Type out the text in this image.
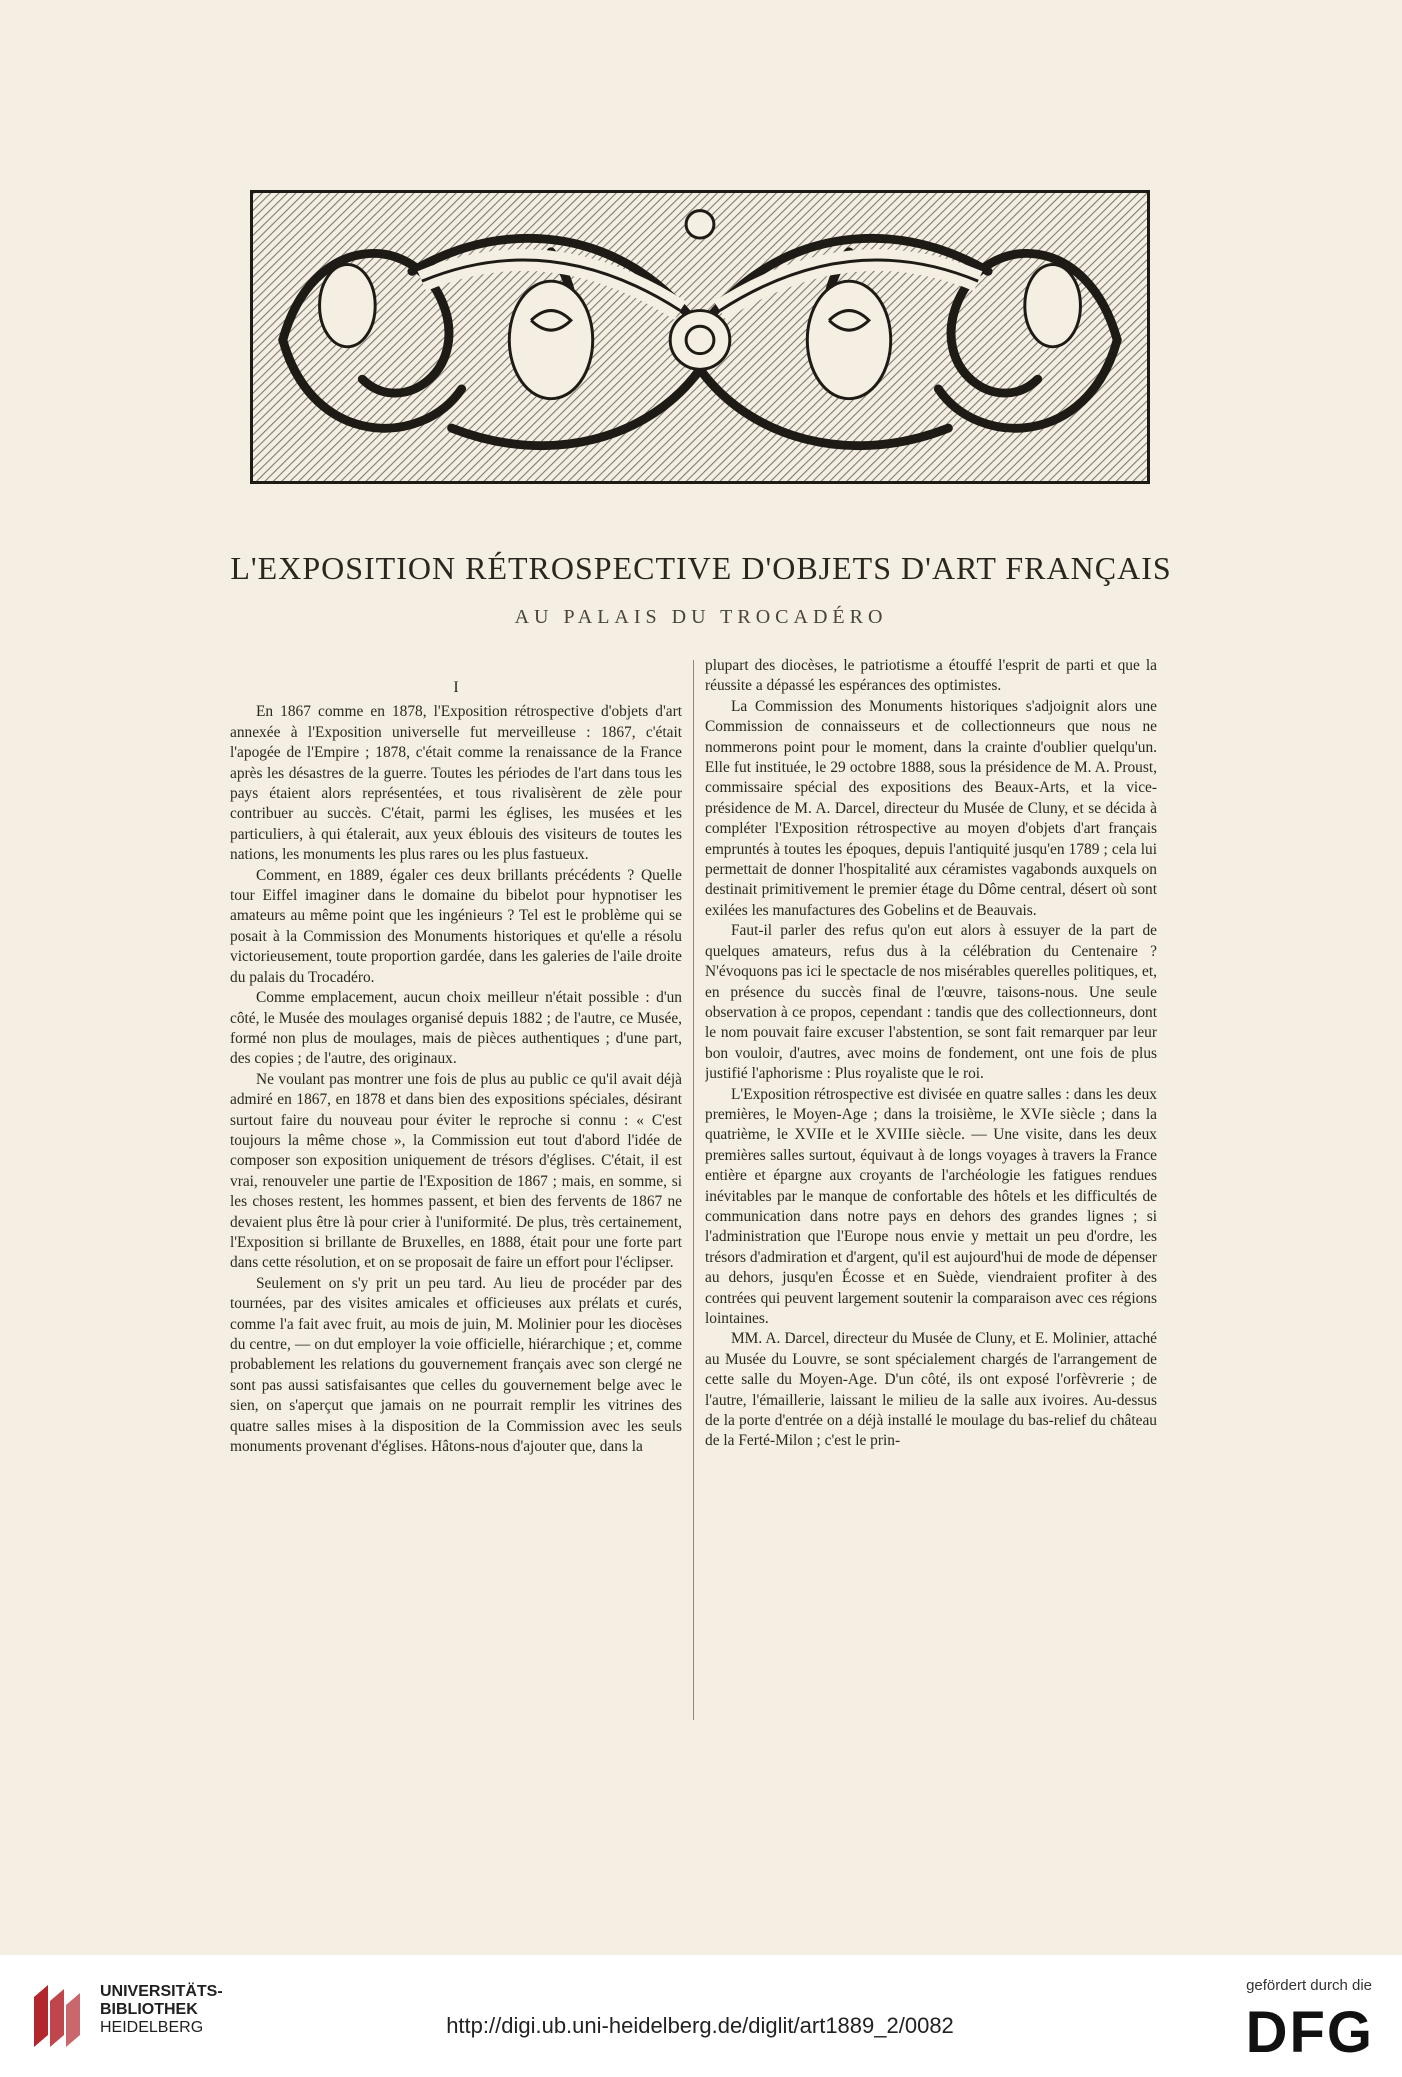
L'EXPOSITION RÉTROSPECTIVE D'OBJETS D'ART FRANÇAIS
AU PALAIS DU TROCADÉRO
I

En 1867 comme en 1878, l'Exposition rétrospective d'objets d'art annexée à l'Exposition universelle fut merveilleuse : 1867, c'était l'apogée de l'Empire ; 1878, c'était comme la renaissance de la France après les désastres de la guerre. Toutes les périodes de l'art dans tous les pays étaient alors représentées, et tous rivalisèrent de zèle pour contribuer au succès. C'était, parmi les églises, les musées et les particuliers, à qui étalerait, aux yeux éblouis des visiteurs de toutes les nations, les monuments les plus rares ou les plus fastueux.

Comment, en 1889, égaler ces deux brillants précédents ? Quelle tour Eiffel imaginer dans le domaine du bibelot pour hypnotiser les amateurs au même point que les ingénieurs ? Tel est le problème qui se posait à la Commission des Monuments historiques et qu'elle a résolu victorieusement, toute proportion gardée, dans les galeries de l'aile droite du palais du Trocadéro.

Comme emplacement, aucun choix meilleur n'était possible : d'un côté, le Musée des moulages organisé depuis 1882 ; de l'autre, ce Musée, formé non plus de moulages, mais de pièces authentiques ; d'une part, des copies ; de l'autre, des originaux.

Ne voulant pas montrer une fois de plus au public ce qu'il avait déjà admiré en 1867, en 1878 et dans bien des expositions spéciales, désirant surtout faire du nouveau pour éviter le reproche si connu : « C'est toujours la même chose », la Commission eut tout d'abord l'idée de composer son exposition uniquement de trésors d'églises. C'était, il est vrai, renouveler une partie de l'Exposition de 1867 ; mais, en somme, si les choses restent, les hommes passent, et bien des fervents de 1867 ne devaient plus être là pour crier à l'uniformité. De plus, très certainement, l'Exposition si brillante de Bruxelles, en 1888, était pour une forte part dans cette résolution, et on se proposait de faire un effort pour l'éclipser.

Seulement on s'y prit un peu tard. Au lieu de procéder par des tournées, par des visites amicales et officieuses aux prélats et curés, comme l'a fait avec fruit, au mois de juin, M. Molinier pour les diocèses du centre, — on dut employer la voie officielle, hiérarchique ; et, comme probablement les relations du gouvernement français avec son clergé ne sont pas aussi satisfaisantes que celles du gouvernement belge avec le sien, on s'aperçut que jamais on ne pourrait remplir les vitrines des quatre salles mises à la disposition de la Commission avec les seuls monuments provenant d'églises. Hâtons-nous d'ajouter que, dans la

plupart des diocèses, le patriotisme a étouffé l'esprit de parti et que la réussite a dépassé les espérances des optimistes.

La Commission des Monuments historiques s'adjoignit alors une Commission de connaisseurs et de collectionneurs que nous ne nommerons point pour le moment, dans la crainte d'oublier quelqu'un. Elle fut instituée, le 29 octobre 1888, sous la présidence de M. A. Proust, commissaire spécial des expositions des Beaux-Arts, et la vice-présidence de M. A. Darcel, directeur du Musée de Cluny, et se décida à compléter l'Exposition rétrospective au moyen d'objets d'art français empruntés à toutes les époques, depuis l'antiquité jusqu'en 1789 ; cela lui permettait de donner l'hospitalité aux céramistes vagabonds auxquels on destinait primitivement le premier étage du Dôme central, désert où sont exilées les manufactures des Gobelins et de Beauvais.

Faut-il parler des refus qu'on eut alors à essuyer de la part de quelques amateurs, refus dus à la célébration du Centenaire ? N'évoquons pas ici le spectacle de nos misérables querelles politiques, et, en présence du succès final de l'œuvre, taisons-nous. Une seule observation à ce propos, cependant : tandis que des collectionneurs, dont le nom pouvait faire excuser l'abstention, se sont fait remarquer par leur bon vouloir, d'autres, avec moins de fondement, ont une fois de plus justifié l'aphorisme : Plus royaliste que le roi.

L'Exposition rétrospective est divisée en quatre salles : dans les deux premières, le Moyen-Age ; dans la troisième, le XVIe siècle ; dans la quatrième, le XVIIe et le XVIIIe siècle. — Une visite, dans les deux premières salles surtout, équivaut à de longs voyages à travers la France entière et épargne aux croyants de l'archéologie les fatigues rendues inévitables par le manque de confortable des hôtels et les difficultés de communication dans notre pays en dehors des grandes lignes ; si l'administration que l'Europe nous envie y mettait un peu d'ordre, les trésors d'admiration et d'argent, qu'il est aujourd'hui de mode de dépenser au dehors, jusqu'en Écosse et en Suède, viendraient profiter à des contrées qui peuvent largement soutenir la comparaison avec ces régions lointaines.

MM. A. Darcel, directeur du Musée de Cluny, et E. Molinier, attaché au Musée du Louvre, se sont spécialement chargés de l'arrangement de cette salle du Moyen-Age. D'un côté, ils ont exposé l'orfèvrerie ; de l'autre, l'émaillerie, laissant le milieu de la salle aux ivoires. Au-dessus de la porte d'entrée on a déjà installé le moulage du bas-relief du château de la Ferté-Milon ; c'est le prin-

UNIVERSITÄTS-
BIBLIOTHEK
HEIDELBERG	http://digi.ub.uni-heidelberg.de/diglit/art1889_2/0082
gefördert durch die
DFG
